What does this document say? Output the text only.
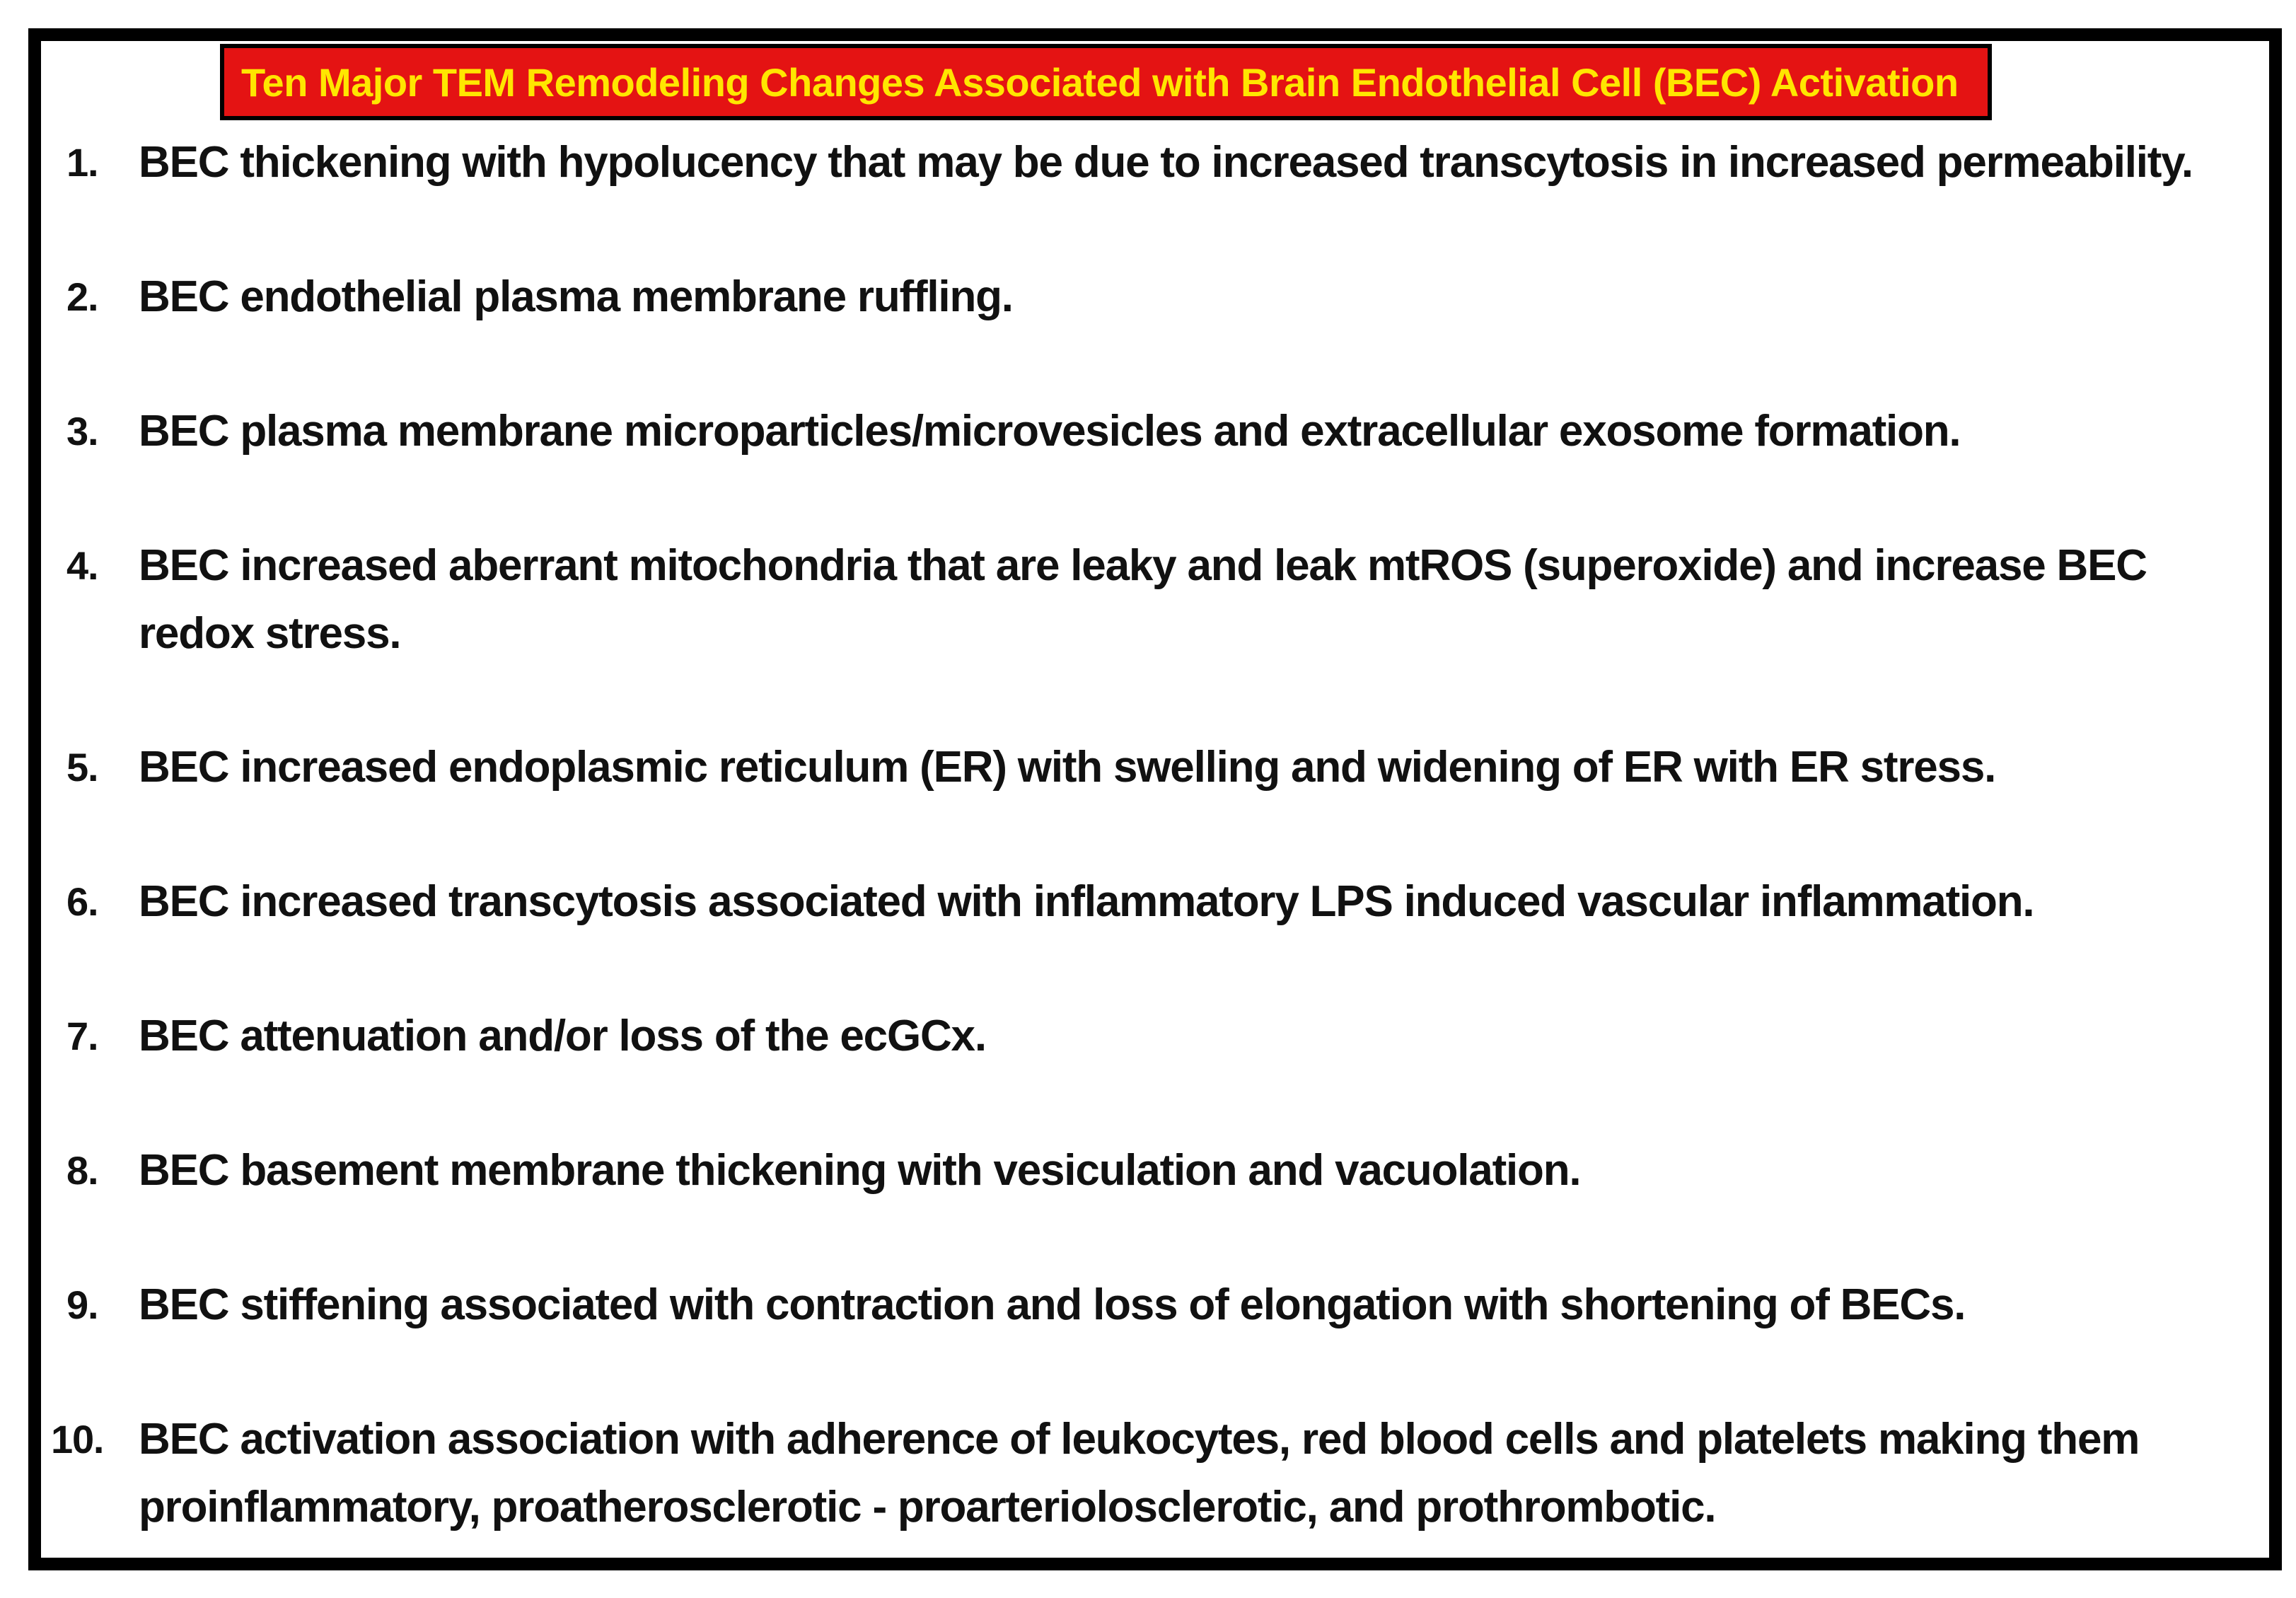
Ten Major TEM Remodeling Changes Associated with Brain Endothelial Cell (BEC) Activation
1. BEC thickening with hypolucency that may be due to increased transcytosis in increased permeability.
2. BEC endothelial plasma membrane ruffling.
3. BEC plasma membrane microparticles/microvesicles and extracellular exosome formation.
4. BEC increased aberrant mitochondria that are leaky and leak mtROS (superoxide) and increase BEC
redox stress.
5. BEC increased endoplasmic reticulum (ER) with swelling and widening of ER with ER stress.
6. BEC increased transcytosis associated with inflammatory LPS induced vascular inflammation.
7. BEC attenuation and/or loss of the ecGCx.
8. BEC basement membrane thickening with vesiculation and vacuolation.
9. BEC stiffening associated with contraction and loss of elongation with shortening of BECs.
10. BEC activation association with adherence of leukocytes, red blood cells and platelets making them
proinflammatory, proatherosclerotic - proarteriolosclerotic, and prothrombotic.
